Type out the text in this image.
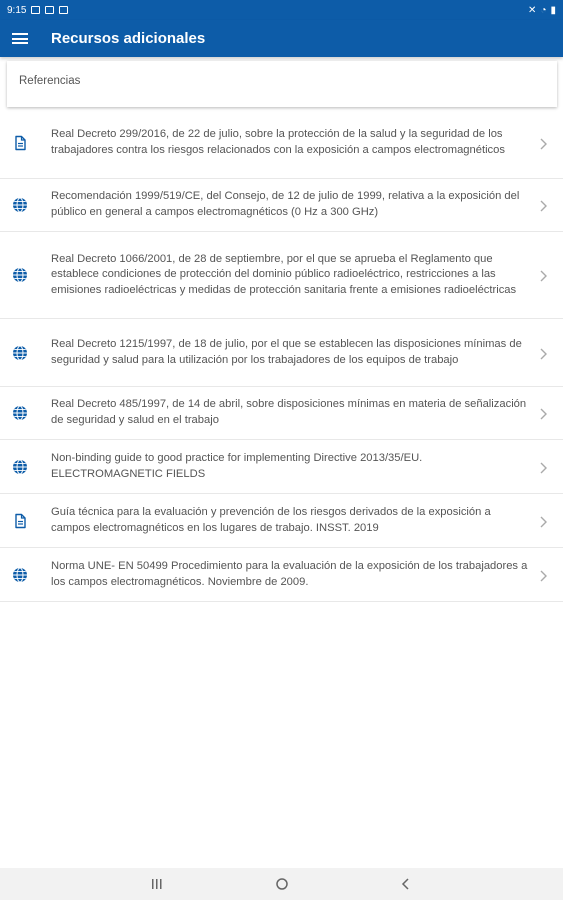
9:15	✕ ◔ ▮
Recursos adicionales
Referencias
Real Decreto 299/2016, de 22 de julio, sobre la protección de la salud y la seguridad de los trabajadores contra los riesgos relacionados con la exposición a campos electromagnéticos
Recomendación 1999/519/CE, del Consejo, de 12 de julio de 1999, relativa a la exposición del público en general a campos electromagnéticos (0 Hz a 300 GHz)
Real Decreto 1066/2001, de 28 de septiembre, por el que se aprueba el Reglamento que establece condiciones de protección del dominio público radioeléctrico, restricciones a las emisiones radioeléctricas y medidas de protección sanitaria frente a emisiones radioeléctricas
Real Decreto 1215/1997, de 18 de julio, por el que se establecen las disposiciones mínimas de seguridad y salud para la utilización por los trabajadores de los equipos de trabajo
Real Decreto 485/1997, de 14 de abril, sobre disposiciones mínimas en materia de señalización de seguridad y salud en el trabajo
Non-binding guide to good practice for implementing Directive 2013/35/EU. ELECTROMAGNETIC FIELDS
Guía técnica para la evaluación y prevención de los riesgos derivados de la exposición a campos electromagnéticos en los lugares de trabajo. INSST. 2019
Norma UNE- EN 50499 Procedimiento para la evaluación de la exposición de los trabajadores a los campos electromagnéticos. Noviembre de 2009.
